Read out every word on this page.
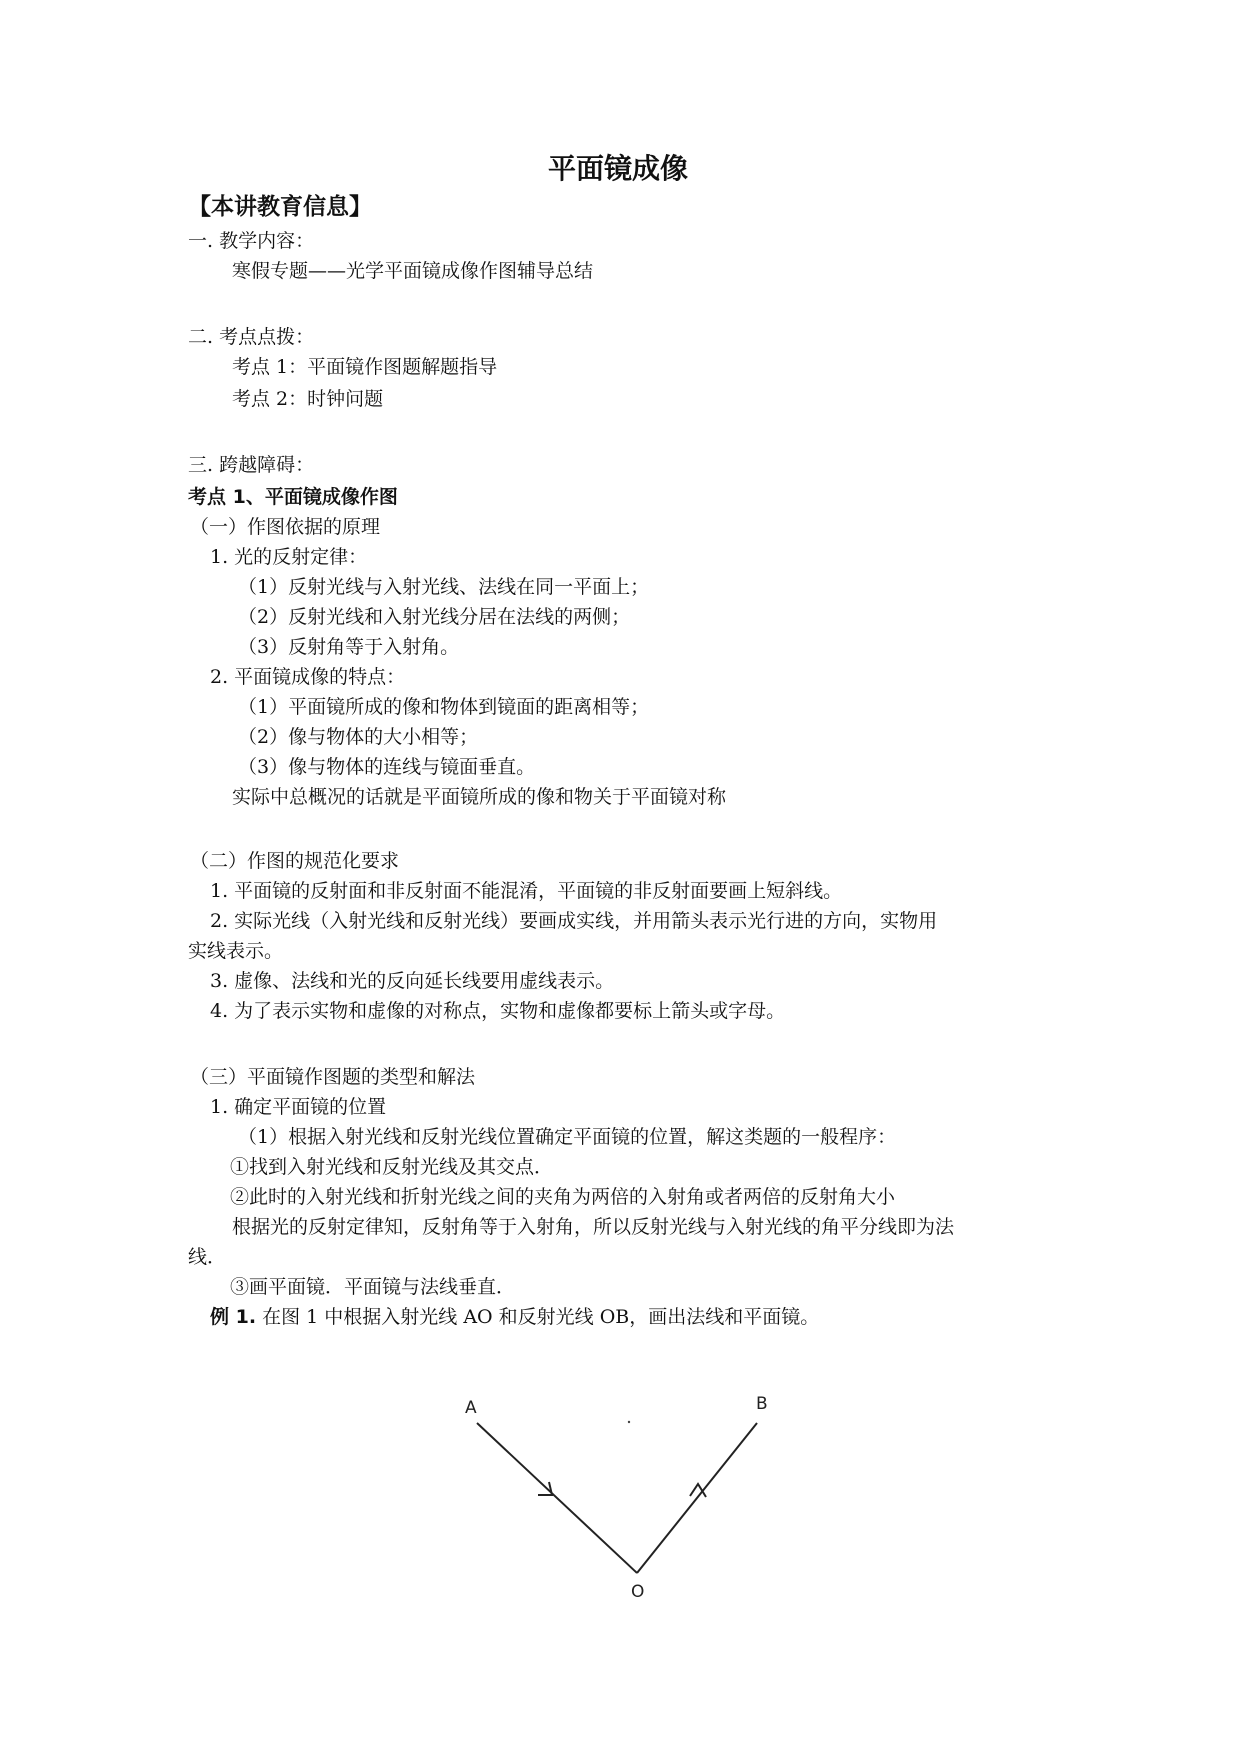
平面镜成像
【本讲教育信息】
一. 教学内容：
寒假专题——光学平面镜成像作图辅导总结
二. 考点点拨：
考点 1：平面镜作图题解题指导
考点 2：时钟问题
三. 跨越障碍：
考点 1、平面镜成像作图
（一）作图依据的原理
1. 光的反射定律：
（1）反射光线与入射光线、法线在同一平面上；
（2）反射光线和入射光线分居在法线的两侧；
（3）反射角等于入射角。
2. 平面镜成像的特点：
（1）平面镜所成的像和物体到镜面的距离相等；
（2）像与物体的大小相等；
（3）像与物体的连线与镜面垂直。
实际中总概况的话就是平面镜所成的像和物关于平面镜对称
（二）作图的规范化要求
1. 平面镜的反射面和非反射面不能混淆，平面镜的非反射面要画上短斜线。
2. 实际光线（入射光线和反射光线）要画成实线，并用箭头表示光行进的方向，实物用
实线表示。
3. 虚像、法线和光的反向延长线要用虚线表示。
4. 为了表示实物和虚像的对称点，实物和虚像都要标上箭头或字母。
（三）平面镜作图题的类型和解法
1. 确定平面镜的位置
（1）根据入射光线和反射光线位置确定平面镜的位置，解这类题的一般程序：
①找到入射光线和反射光线及其交点．
②此时的入射光线和折射光线之间的夹角为两倍的入射角或者两倍的反射角大小
根据光的反射定律知，反射角等于入射角，所以反射光线与入射光线的角平分线即为法
线．
③画平面镜．平面镜与法线垂直．
例 1. 在图 1 中根据入射光线 AO 和反射光线 OB，画出法线和平面镜。
A	B
O
